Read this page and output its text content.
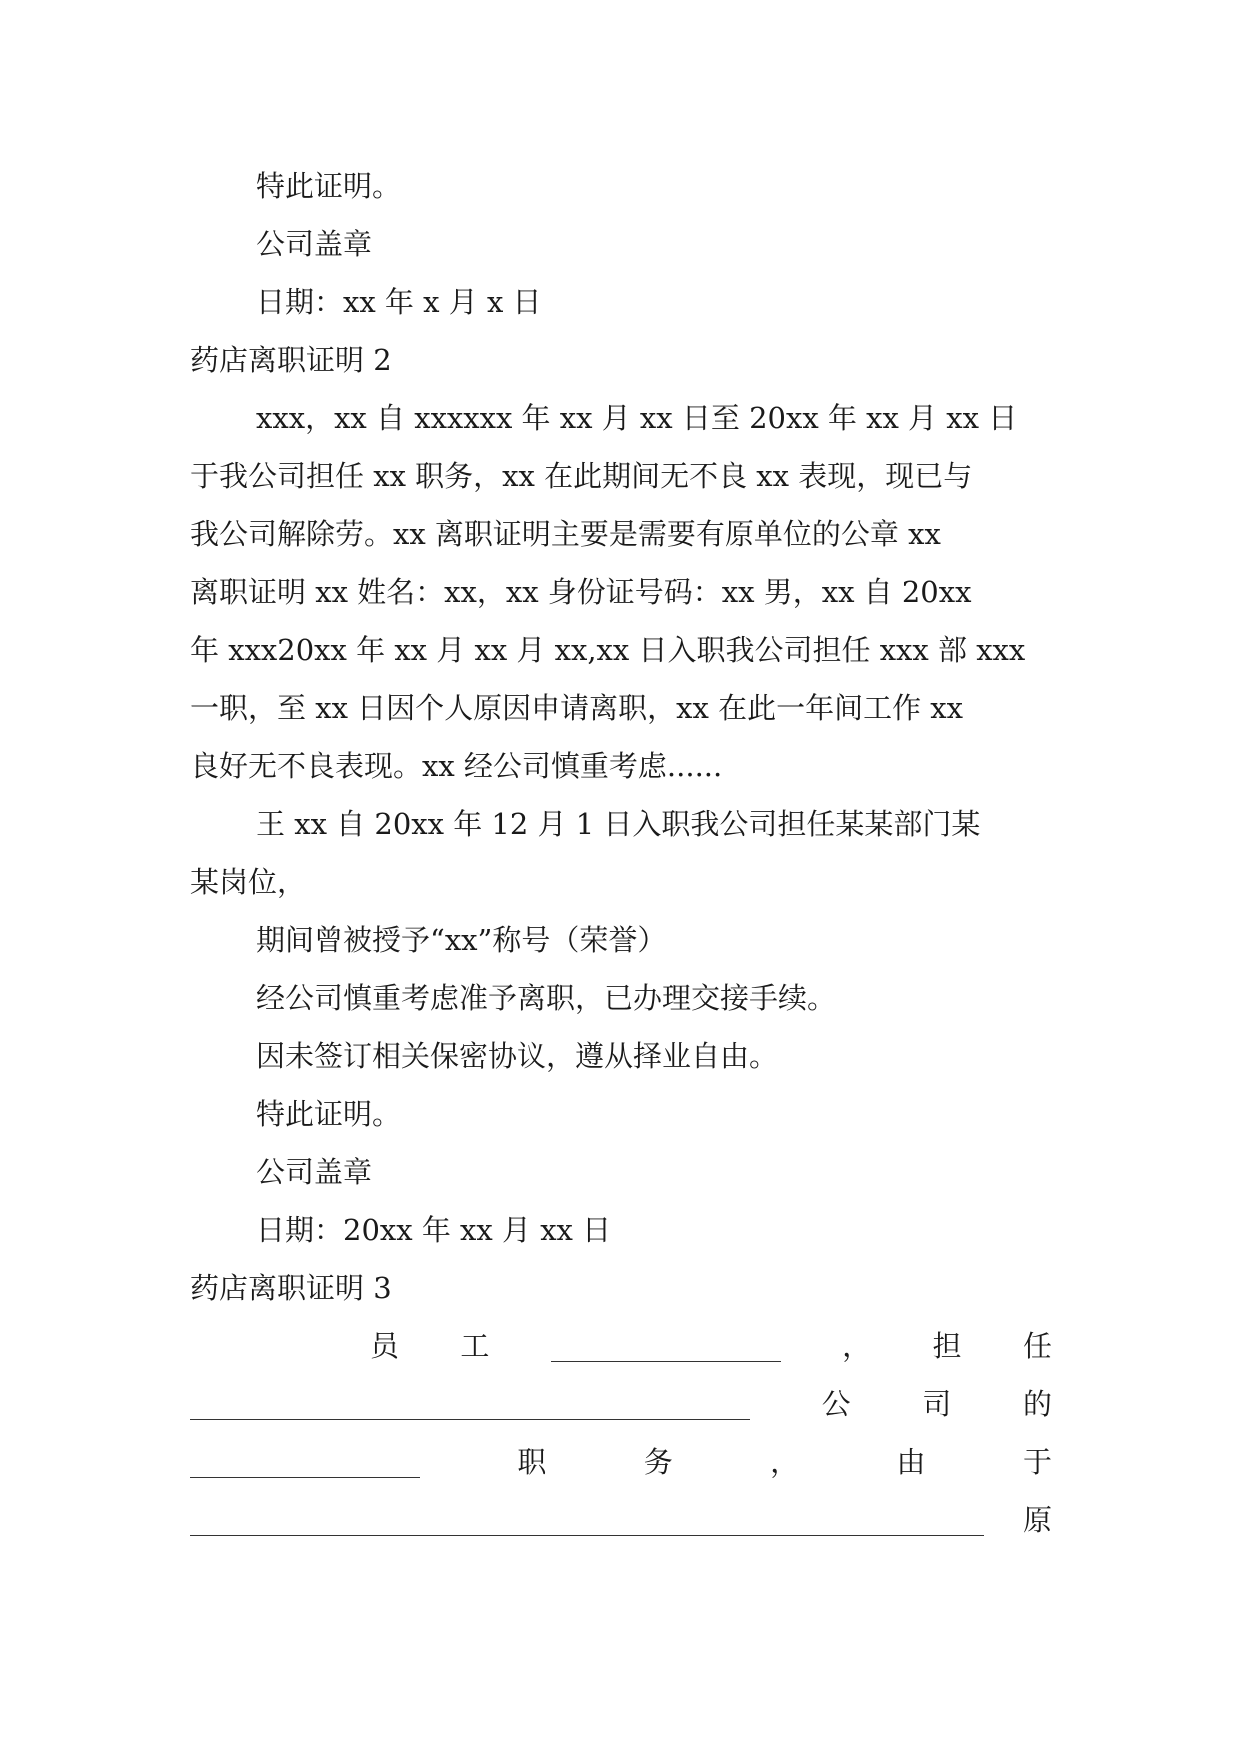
特此证明。
公司盖章
日期：xx 年 x 月 x 日
药店离职证明 2
xxx，xx 自 xxxxxx 年 xx 月 xx 日至 20xx 年 xx 月 xx 日
于我公司担任 xx 职务，xx 在此期间无不良 xx 表现，现已与
我公司解除劳。xx 离职证明主要是需要有原单位的公章 xx
离职证明 xx 姓名：xx，xx 身份证号码：xx 男，xx 自 20xx
年 xxx20xx 年 xx 月 xx 月 xx,xx 日入职我公司担任 xxx 部 xxx
一职，至 xx 日因个人原因申请离职，xx 在此一年间工作 xx
良好无不良表现。xx 经公司慎重考虑......
王 xx 自 20xx 年 12 月 1 日入职我公司担任某某部门某
某岗位，
期间曾被授予“xx”称号（荣誉）
经公司慎重考虑准予离职，已办理交接手续。
因未签订相关保密协议，遵从择业自由。
特此证明。
公司盖章
日期：20xx 年 xx 月 xx 日
药店离职证明 3
员 工	， 担 任
公 司 的
职	务	，	由	于
原
